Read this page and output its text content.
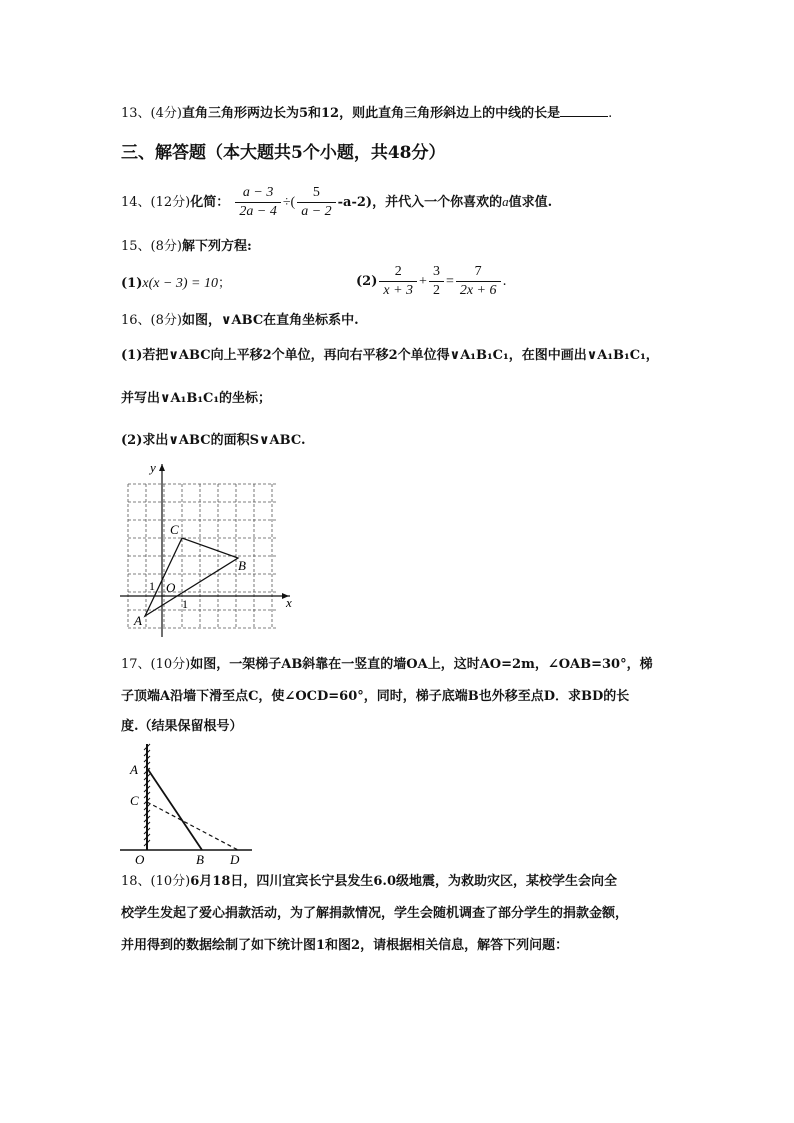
13、(4分)直角三角形两边长为5和12，则此直角三角形斜边上的中线的长是	.
三、解答题（本大题共5个小题，共48分）
14、(12分)化简： $\frac{a - 3}{2a - 4}$ ÷( $\frac{5}{a - 2} -a-2$)，并代入一个你喜欢的a值求值.
15、(8分)解下列方程:
(1)x(x − 3) = 10；	$(2) \frac{2}{x + 3} + \frac{3}{2} = \frac{7}{2x + 6}$ .
16、(8分)如图，∨ABC在直角坐标系中.
(1)若把∨ABC向上平移2个单位，再向右平移2个单位得∨A₁B₁C₁，在图中画出∨A₁B₁C₁，
并写出∨A₁B₁C₁的坐标；
(2)求出∨ABC的面积S∨ABC.
y
x
O
1
1
A
B
C
17、(10分)如图，一架梯子AB斜靠在一竖直的墙OA上，这时AO=2m，∠OAB=30°，梯
子顶端A沿墙下滑至点C，使∠OCD=60°，同时，梯子底端B也外移至点D．求BD的长
度.（结果保留根号）
A
C
O	B D
18、(10分)6月18日，四川宜宾长宁县发生6.0级地震，为救助灾区，某校学生会向全
校学生发起了爱心捐款活动，为了解捐款情况，学生会随机调查了部分学生的捐款金额，
并用得到的数据绘制了如下统计图1和图2，请根据相关信息，解答下列问题：
